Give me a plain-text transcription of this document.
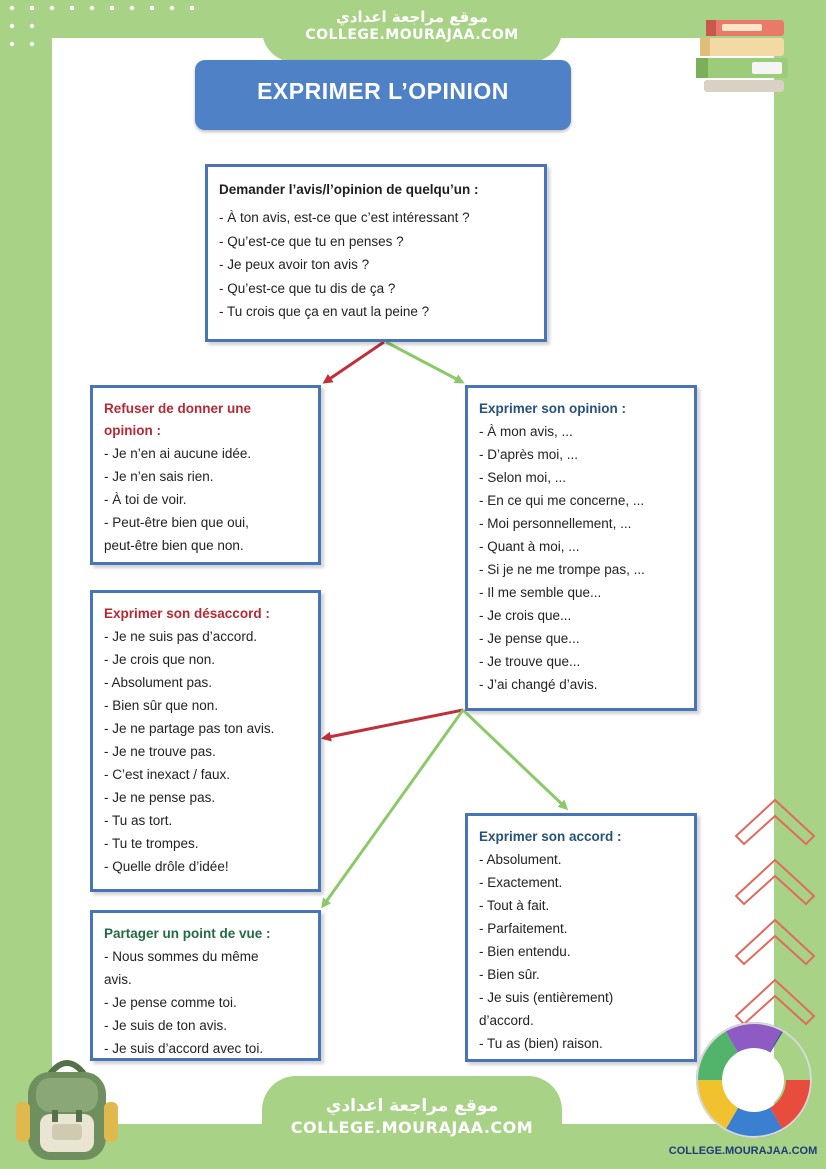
موقع مراجعة اعدادي
COLLEGE.MOURAJAA.COM
EXPRIMER L’OPINION
Demander l’avis/l’opinion de quelqu’un :
- À ton avis, est-ce que c’est intéressant ?
- Qu’est-ce que tu en penses ?
- Je peux avoir ton avis ?
- Qu’est-ce que tu dis de ça ?
- Tu crois que ça en vaut la peine ?
Refuser de donner une
opinion :
- Je n’en ai aucune idée.
- Je n’en sais rien.
- À toi de voir.
- Peut-être bien que oui,
peut-être bien que non.
Exprimer son opinion :
- À mon avis, ...
- D’après moi, ...
- Selon moi, ...
- En ce qui me concerne, ...
- Moi personnellement, ...
- Quant à moi, ...
- Si je ne me trompe pas, ...
- Il me semble que...
- Je crois que...
- Je pense que...
- Je trouve que...
- J’ai changé d’avis.
Exprimer son désaccord :
- Je ne suis pas d’accord.
- Je crois que non.
- Absolument pas.
- Bien sûr que non.
- Je ne partage pas ton avis.
- Je ne trouve pas.
- C’est inexact / faux.
- Je ne pense pas.
- Tu as tort.
- Tu te trompes.
- Quelle drôle d’idée!
Exprimer son accord :
- Absolument.
- Exactement.
- Tout à fait.
- Parfaitement.
- Bien entendu.
- Bien sûr.
- Je suis (entièrement)
d’accord.
- Tu as (bien) raison.
Partager un point de vue :
- Nous sommes du même
avis.
- Je pense comme toi.
- Je suis de ton avis.
- Je suis d’accord avec toi.
موقع مراجعة اعدادي
COLLEGE.MOURAJAA.COM
COLLEGE.MOURAJAA.COM
